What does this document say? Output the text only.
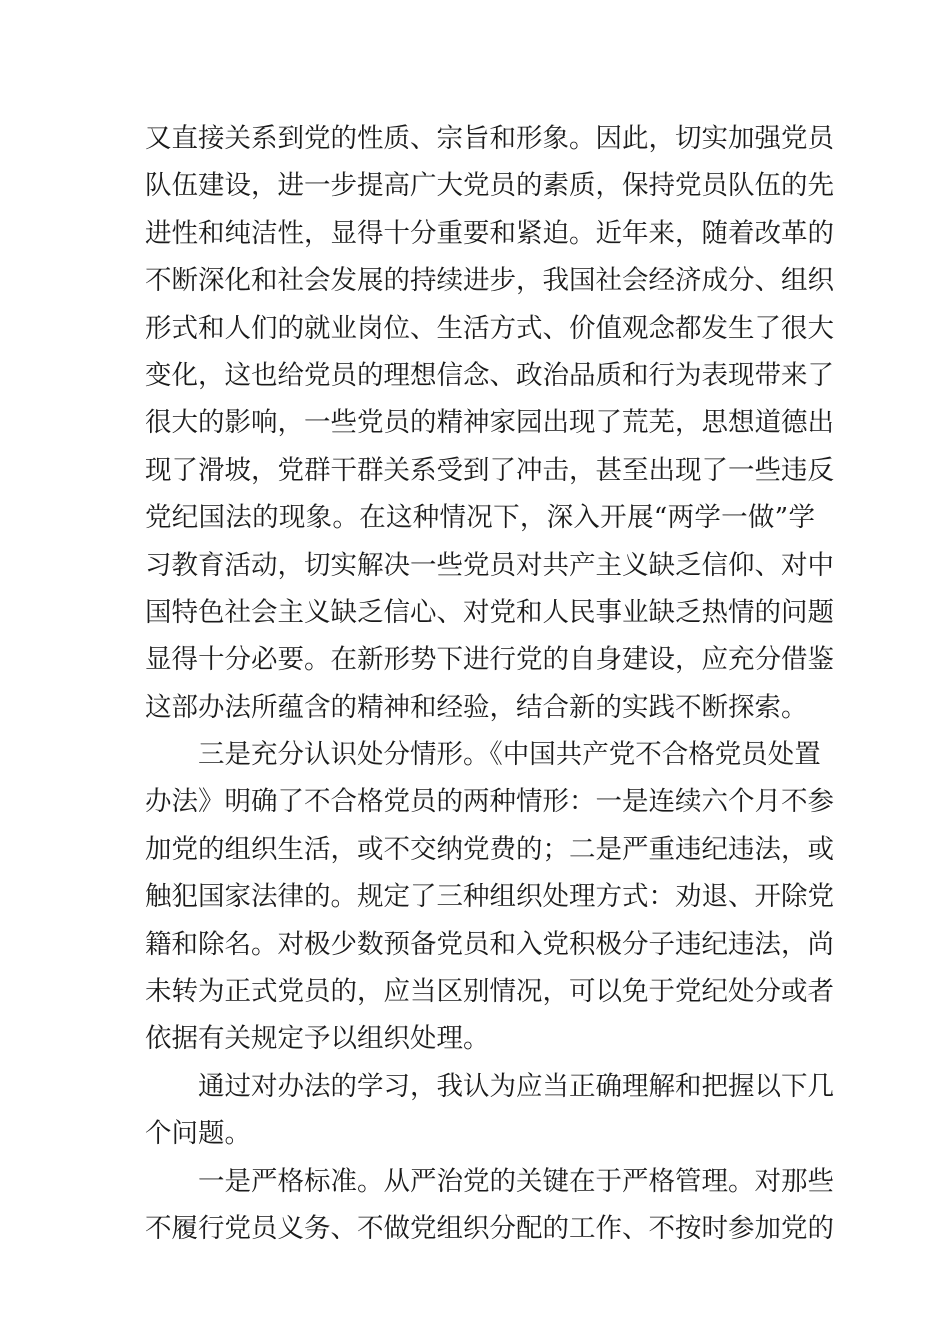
又直接关系到党的性质、宗旨和形象。因此，切实加强党员
队伍建设，进一步提高广大党员的素质，保持党员队伍的先
进性和纯洁性，显得十分重要和紧迫。近年来，随着改革的
不断深化和社会发展的持续进步，我国社会经济成分、组织
形式和人们的就业岗位、生活方式、价值观念都发生了很大
变化，这也给党员的理想信念、政治品质和行为表现带来了
很大的影响，一些党员的精神家园出现了荒芜，思想道德出
现了滑坡，党群干群关系受到了冲击，甚至出现了一些违反
党纪国法的现象。在这种情况下，深入开展“两学一做”学
习教育活动，切实解决一些党员对共产主义缺乏信仰、对中
国特色社会主义缺乏信心、对党和人民事业缺乏热情的问题
显得十分必要。在新形势下进行党的自身建设，应充分借鉴
这部办法所蕴含的精神和经验，结合新的实践不断探索。
三是充分认识处分情形。《中国共产党不合格党员处置
办法》明确了不合格党员的两种情形：一是连续六个月不参
加党的组织生活，或不交纳党费的；二是严重违纪违法，或
触犯国家法律的。规定了三种组织处理方式：劝退、开除党
籍和除名。对极少数预备党员和入党积极分子违纪违法，尚
未转为正式党员的，应当区别情况，可以免于党纪处分或者
依据有关规定予以组织处理。
通过对办法的学习，我认为应当正确理解和把握以下几
个问题。
一是严格标准。从严治党的关键在于严格管理。对那些
不履行党员义务、不做党组织分配的工作、不按时参加党的
